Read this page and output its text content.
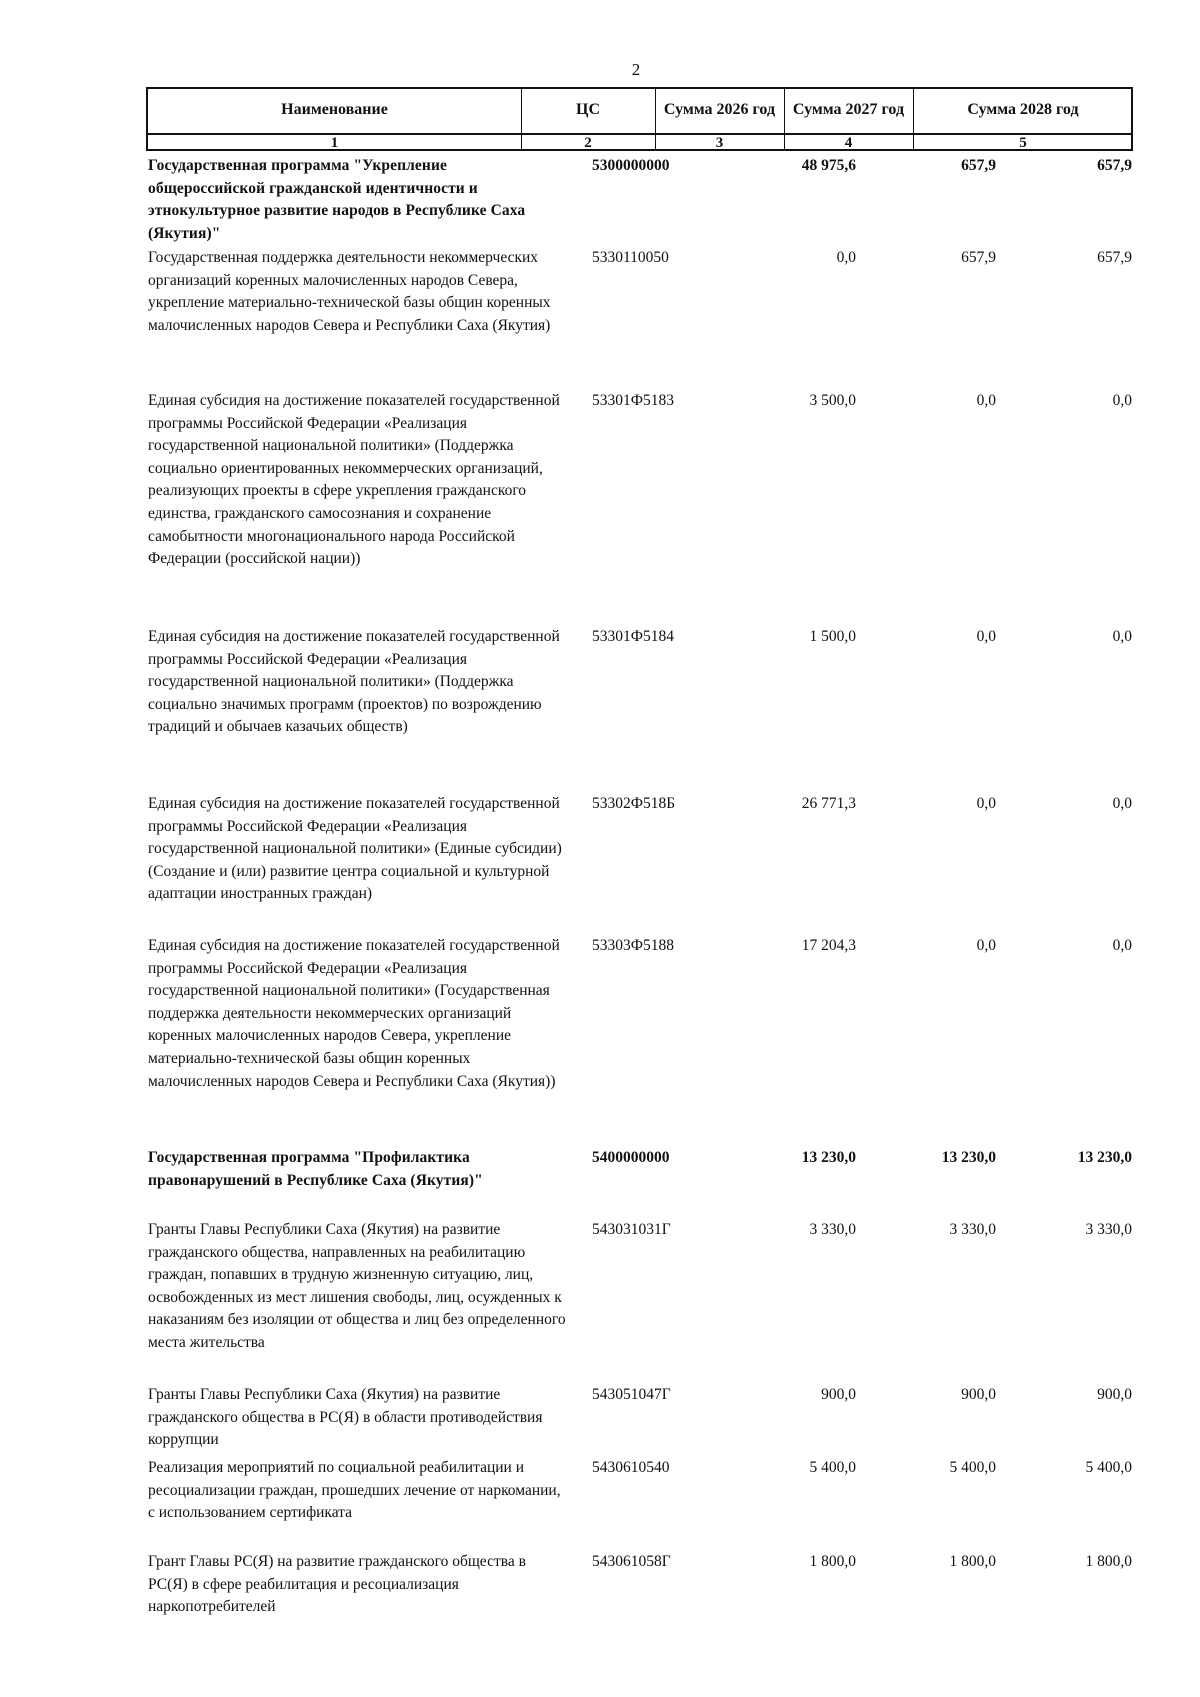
2
Наименование	ЦС	Сумма 2026 год	Сумма 2027 год	Сумма 2028 год
1	2	3	4	5
Государственная программа "Укрепление общероссийской гражданской идентичности и этнокультурное развитие народов в Республике Саха (Якутия)"
5300000000	48 975,6	657,9	657,9
Государственная поддержка деятельности некоммерческих организаций коренных малочисленных народов Севера, укрепление материально-технической базы общин коренных малочисленных народов Севера и Республики Саха (Якутия)
5330110050	0,0	657,9	657,9
Единая субсидия на достижение показателей государственной программы Российской Федерации «Реализация государственной национальной политики» (Поддержка социально ориентированных некоммерческих организаций, реализующих проекты в сфере укрепления гражданского единства, гражданского самосознания и сохранение самобытности многонационального народа Российской Федерации (российской нации))
53301Ф5183	3 500,0	0,0	0,0
Единая субсидия на достижение показателей государственной программы Российской Федерации «Реализация государственной национальной политики» (Поддержка социально значимых программ (проектов) по возрождению традиций и обычаев казачьих обществ)
53301Ф5184	1 500,0	0,0	0,0
Единая субсидия на достижение показателей государственной программы Российской Федерации «Реализация государственной национальной политики» (Единые субсидии) (Создание и (или) развитие центра социальной и культурной адаптации иностранных граждан)
53302Ф518Б	26 771,3	0,0	0,0
Единая субсидия на достижение показателей государственной программы Российской Федерации «Реализация государственной национальной политики» (Государственная поддержка деятельности некоммерческих организаций коренных малочисленных народов Севера, укрепление материально-технической базы общин коренных малочисленных народов Севера и Республики Саха (Якутия))
53303Ф5188	17 204,3	0,0	0,0
Государственная программа "Профилактика правонарушений в Республике Саха (Якутия)"
5400000000	13 230,0	13 230,0	13 230,0
Гранты Главы Республики Саха (Якутия) на развитие гражданского общества, направленных на реабилитацию граждан, попавших в трудную жизненную ситуацию, лиц, освобожденных из мест лишения свободы, лиц, осужденных к наказаниям без изоляции от общества и лиц без определенного места жительства
543031031Г	3 330,0	3 330,0	3 330,0
Гранты Главы Республики Саха (Якутия) на развитие гражданского общества в РС(Я) в области противодействия коррупции
543051047Г	900,0	900,0	900,0
Реализация мероприятий по социальной реабилитации и ресоциализации граждан, прошедших лечение от наркомании, с использованием сертификата
5430610540	5 400,0	5 400,0	5 400,0
Грант Главы РС(Я) на развитие гражданского общества в РС(Я) в сфере реабилитация и ресоциализация наркопотребителей
543061058Г	1 800,0	1 800,0	1 800,0
